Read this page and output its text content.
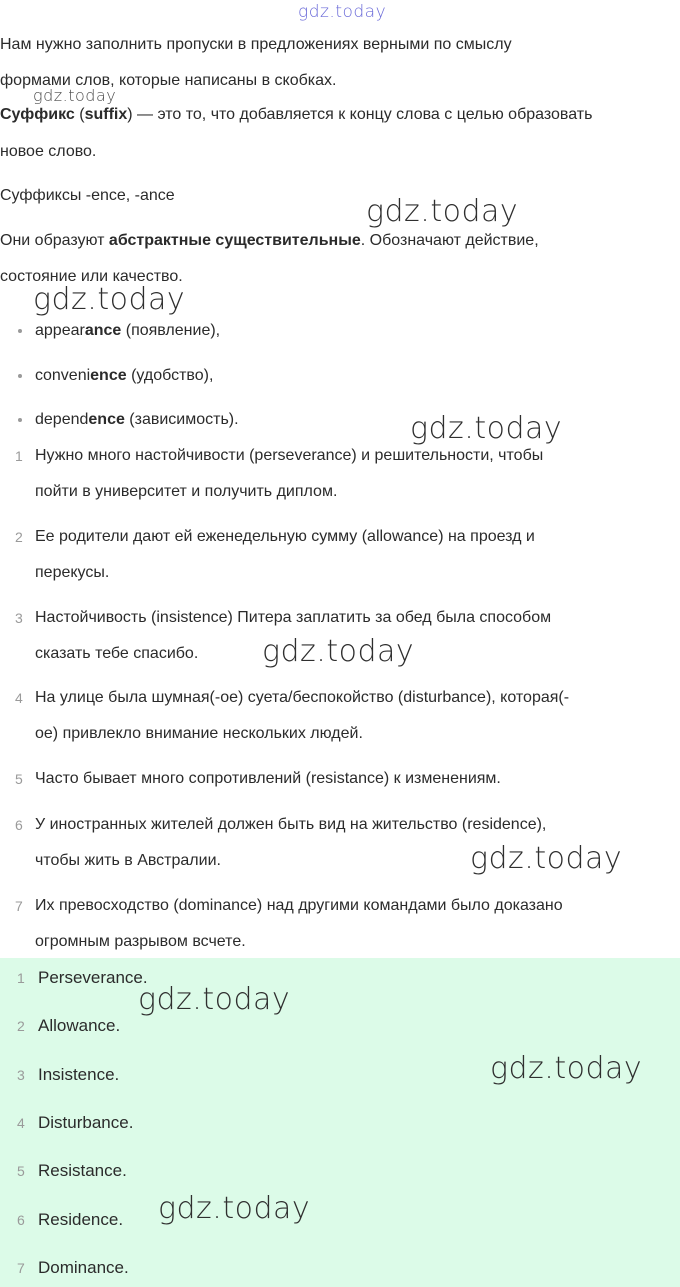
gdz.today
Нам нужно заполнить пропуски в предложениях верными по смыслу
формами слов, которые написаны в скобках.
gdz.today
Суффикс (suffix) — это то, что добавляется к концу слова с целью образовать
новое слово.
Суффиксы -ence, -ance	gdz.today
Они образуют абстрактные существительные. Обозначают действие,
состояние или качество.
gdz.today
appearance (появление),
convenience (удобство),
dependence (зависимость).	gdz.today
1 Нужно много настойчивости (perseverance) и решительности, чтобы
пойти в университет и получить диплом.
2 Ее родители дают ей еженедельную сумму (allowance) на проезд и
перекусы.
3 Настойчивость (insistence) Питера заплатить за обед была способом
сказать тебе спасибо. gdz.today
4 На улице была шумная(-ое) суета/беспокойство (disturbance), которая(-
ое) привлекло внимание нескольких людей.
5 Часто бывает много сопротивлений (resistance) к изменениям.
6 У иностранных жителей должен быть вид на жительство (residence),
чтобы жить в Австралии.	gdz.today
7 Их превосходство (dominance) над другими командами было доказано
огромным разрывом всчете.
1 Perseverance.
2 Allowance.
3 Insistence.
4 Disturbance.
5 Resistance.
6 Residence.
7 Dominance.
gdz.today
gdz.today
gdz.today
